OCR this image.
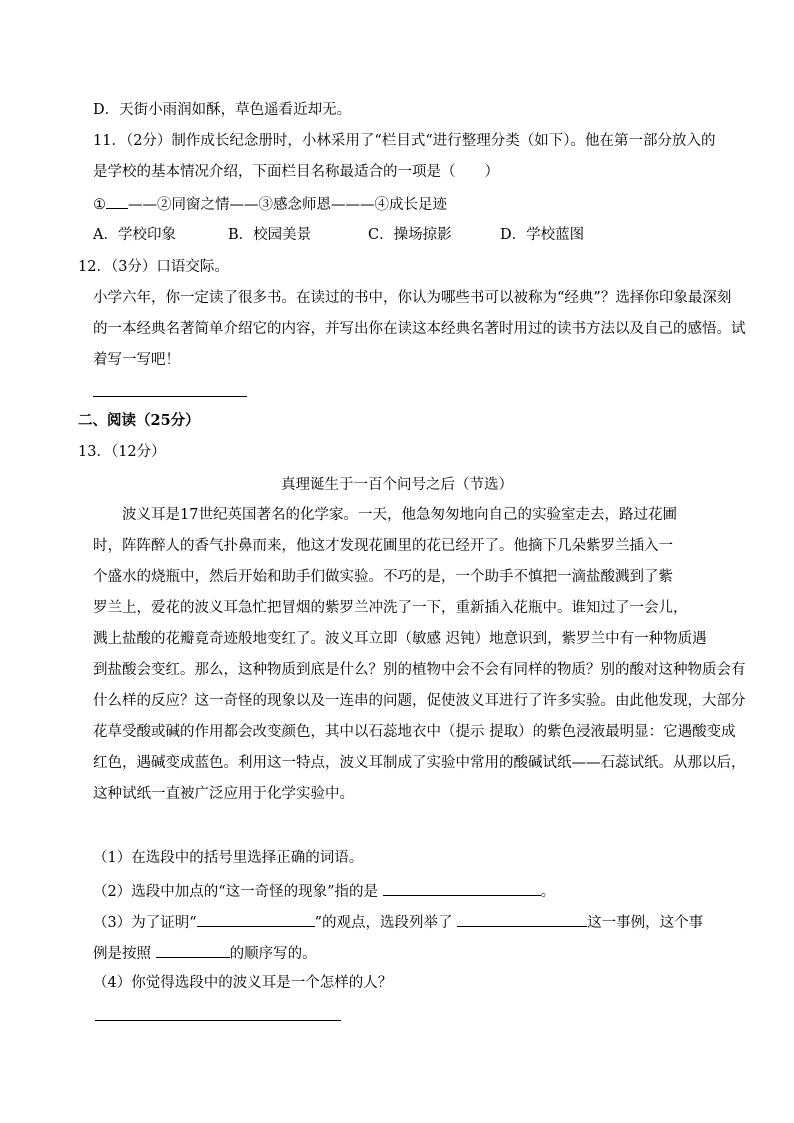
D．天街小雨润如酥，草色遥看近却无。
11．（2分）制作成长纪念册时，小林采用了“栏目式“进行整理分类（如下）。他在第一部分放入的
是学校的基本情况介绍，下面栏目名称最适合的一项是（　　）
① ——②同窗之情——③感念师恩———④成长足迹
A．学校印象	B．校园美景	C．操场掠影	D．学校蓝图
12．（3分）口语交际。
小学六年，你一定读了很多书。在读过的书中，你认为哪些书可以被称为“经典”？选择你印象最深刻
的一本经典名著简单介绍它的内容，并写出你在读这本经典名著时用过的读书方法以及自己的感悟。试
着写一写吧！
二、阅读（25分）
13．（12分）
真理诞生于一百个问号之后（节选）
　　波义耳是17世纪英国著名的化学家。一天，他急匆匆地向自己的实验室走去，路过花圃
时，阵阵醉人的香气扑鼻而来，他这才发现花圃里的花已经开了。他摘下几朵紫罗兰插入一
个盛水的烧瓶中，然后开始和助手们做实验。不巧的是，一个助手不慎把一滴盐酸溅到了紫
罗兰上，爱花的波义耳急忙把冒烟的紫罗兰冲洗了一下，重新插入花瓶中。谁知过了一会儿，
溅上盐酸的花瓣竟奇迹般地变红了。波义耳立即（敏感 迟钝）地意识到，紫罗兰中有一种物质遇
到盐酸会变红。那么，这种物质到底是什么？别的植物中会不会有同样的物质？别的酸对这种物质会有
什么样的反应？这一奇怪的现象以及一连串的问题，促使波义耳进行了许多实验。由此他发现，大部分
花草受酸或碱的作用都会改变颜色，其中以石蕊地衣中（提示 提取）的紫色浸液最明显：它遇酸变成
红色，遇碱变成蓝色。利用这一特点，波义耳制成了实验中常用的酸碱试纸——石蕊试纸。从那以后，
这种试纸一直被广泛应用于化学实验中。
（1）在选段中的括号里选择正确的词语。
（2）选段中加点的“这一奇怪的现象”指的是	。
（3）为了证明“	”的观点，选段列举了	这一事例，这个事
例是按照	的顺序写的。
（4）你觉得选段中的波义耳是一个怎样的人？
